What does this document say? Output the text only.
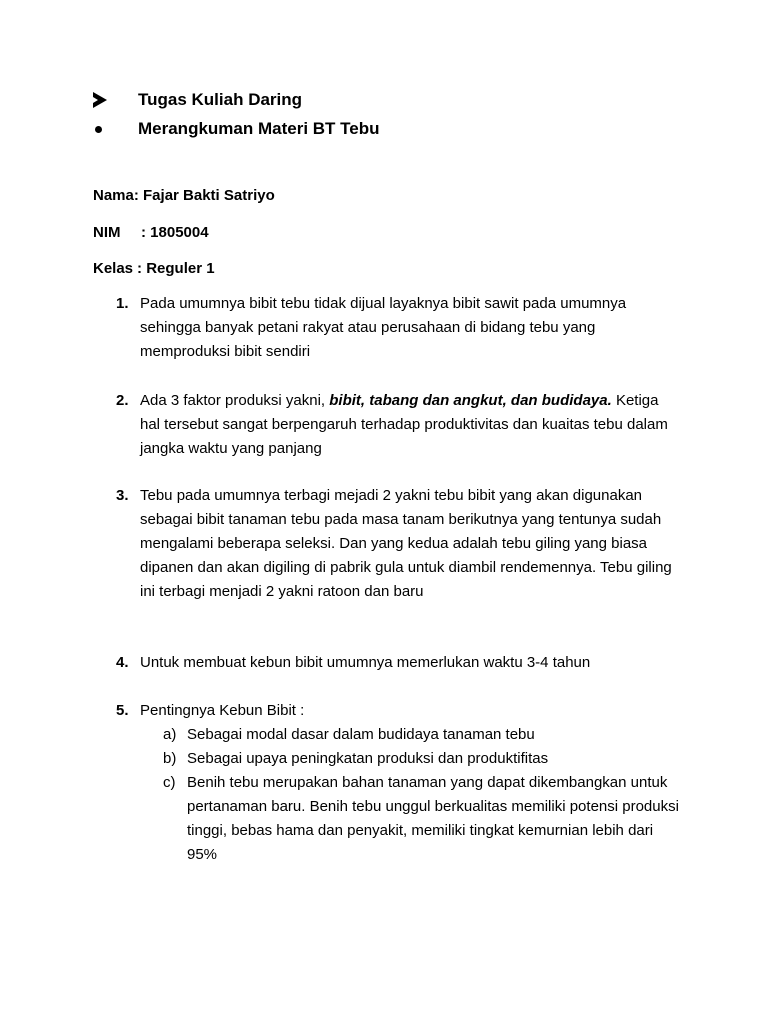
Tugas Kuliah Daring
Merangkuman Materi BT Tebu
Nama: Fajar Bakti Satriyo
NIM : 1805004
Kelas : Reguler 1
1. Pada umumnya bibit tebu tidak dijual layaknya bibit sawit pada umumnya sehingga banyak petani rakyat atau perusahaan di bidang tebu yang memproduksi bibit sendiri
2. Ada 3 faktor produksi yakni, bibit, tabang dan angkut, dan budidaya. Ketiga hal tersebut sangat berpengaruh terhadap produktivitas dan kuaitas tebu dalam jangka waktu yang panjang
3. Tebu pada umumnya terbagi mejadi 2 yakni tebu bibit yang akan digunakan sebagai bibit tanaman tebu pada masa tanam berikutnya yang tentunya sudah mengalami beberapa seleksi. Dan yang kedua adalah tebu giling yang biasa dipanen dan akan digiling di pabrik gula untuk diambil rendemennya. Tebu giling ini terbagi menjadi 2 yakni ratoon dan baru
4. Untuk membuat kebun bibit umumnya memerlukan waktu 3-4 tahun
5. Pentingnya Kebun Bibit :
a) Sebagai modal dasar dalam budidaya tanaman tebu
b) Sebagai upaya peningkatan produksi dan produktifitas
c) Benih tebu merupakan bahan tanaman yang dapat dikembangkan untuk pertanaman baru. Benih tebu unggul berkualitas memiliki potensi produksi tinggi, bebas hama dan penyakit, memiliki tingkat kemurnian lebih dari 95%
